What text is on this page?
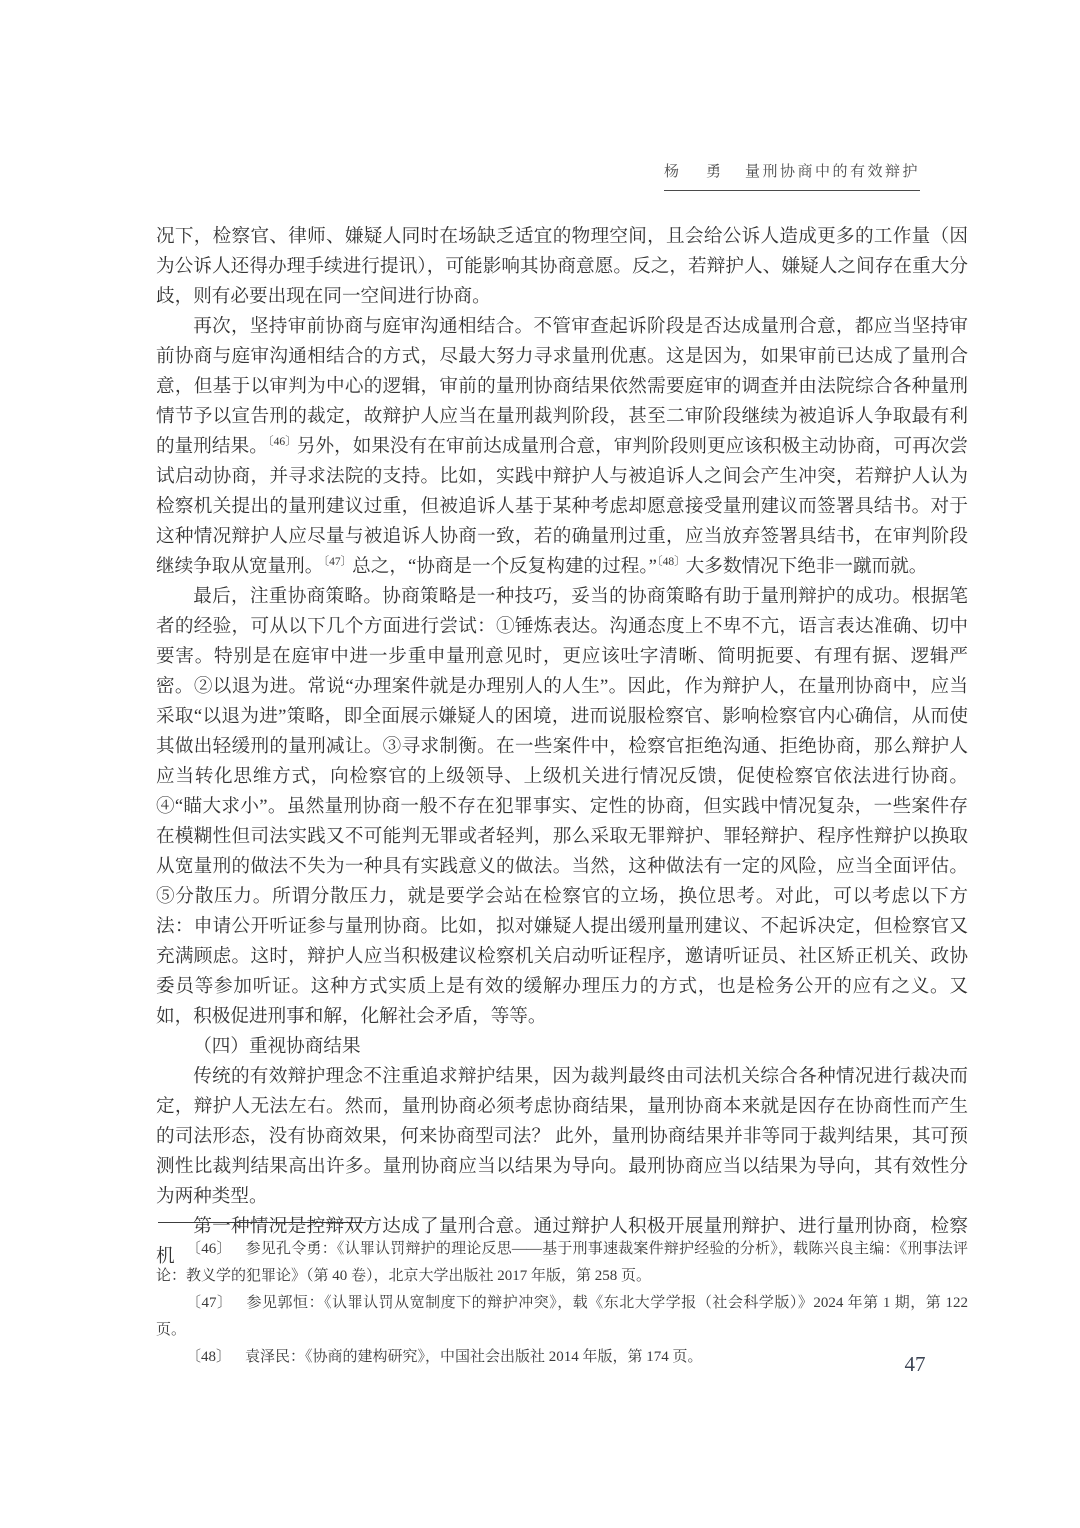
杨　勇 量刑协商中的有效辩护

况下，检察官、律师、嫌疑人同时在场缺乏适宜的物理空间，且会给公诉人造成更多的工作量（因为公诉人还得办理手续进行提讯），可能影响其协商意愿。反之，若辩护人、嫌疑人之间存在重大分歧，则有必要出现在同一空间进行协商。

再次，坚持审前协商与庭审沟通相结合。不管审查起诉阶段是否达成量刑合意，都应当坚持审前协商与庭审沟通相结合的方式，尽最大努力寻求量刑优惠。这是因为，如果审前已达成了量刑合意，但基于以审判为中心的逻辑，审前的量刑协商结果依然需要庭审的调查并由法院综合各种量刑情节予以宣告刑的裁定，故辩护人应当在量刑裁判阶段，甚至二审阶段继续为被追诉人争取最有利的量刑结果。$^{〔46〕}$另外，如果没有在审前达成量刑合意，审判阶段则更应该积极主动协商，可再次尝试启动协商，并寻求法院的支持。比如，实践中辩护人与被追诉人之间会产生冲突，若辩护人认为检察机关提出的量刑建议过重，但被追诉人基于某种考虑却愿意接受量刑建议而签署具结书。对于这种情况辩护人应尽量与被追诉人协商一致，若的确量刑过重，应当放弃签署具结书，在审判阶段继续争取从宽量刑。$^{〔47〕}$总之，“协商是一个反复构建的过程。”$^{〔48〕}$大多数情况下绝非一蹴而就。

最后，注重协商策略。协商策略是一种技巧，妥当的协商策略有助于量刑辩护的成功。根据笔者的经验，可从以下几个方面进行尝试：①锤炼表达。沟通态度上不卑不亢，语言表达准确、切中要害。特别是在庭审中进一步重申量刑意见时，更应该吐字清晰、简明扼要、有理有据、逻辑严密。②以退为进。常说“办理案件就是办理别人的人生”。因此，作为辩护人，在量刑协商中，应当采取“以退为进”策略，即全面展示嫌疑人的困境，进而说服检察官、影响检察官内心确信，从而使其做出轻缓刑的量刑减让。③寻求制衡。在一些案件中，检察官拒绝沟通、拒绝协商，那么辩护人应当转化思维方式，向检察官的上级领导、上级机关进行情况反馈，促使检察官依法进行协商。④“瞄大求小”。虽然量刑协商一般不存在犯罪事实、定性的协商，但实践中情况复杂，一些案件存在模糊性但司法实践又不可能判无罪或者轻判，那么采取无罪辩护、罪轻辩护、程序性辩护以换取从宽量刑的做法不失为一种具有实践意义的做法。当然，这种做法有一定的风险，应当全面评估。⑤分散压力。所谓分散压力，就是要学会站在检察官的立场，换位思考。对此，可以考虑以下方法：申请公开听证参与量刑协商。比如，拟对嫌疑人提出缓刑量刑建议、不起诉决定，但检察官又充满顾虑。这时，辩护人应当积极建议检察机关启动听证程序，邀请听证员、社区矫正机关、政协委员等参加听证。这种方式实质上是有效的缓解办理压力的方式，也是检务公开的应有之义。又如，积极促进刑事和解，化解社会矛盾，等等。

（四）重视协商结果

传统的有效辩护理念不注重追求辩护结果，因为裁判最终由司法机关综合各种情况进行裁决而定，辩护人无法左右。然而，量刑协商必须考虑协商结果，量刑协商本来就是因存在协商性而产生的司法形态，没有协商效果，何来协商型司法？ 此外，量刑协商结果并非等同于裁判结果，其可预测性比裁判结果高出许多。量刑协商应当以结果为导向。最刑协商应当以结果为导向，其有效性分为两种类型。

第一种情况是控辩双方达成了量刑合意。通过辩护人积极开展量刑辩护、进行量刑协商，检察机 〔46〕 参见孔令勇：《认罪认罚辩护的理论反思——基于刑事速裁案件辩护经验的分析》，载陈兴良主编：《刑事法评论：教义学的犯罪论》（第 40 卷），北京大学出版社 2017 年版，第 258 页。

〔47〕 参见郭恒：《认罪认罚从宽制度下的辩护冲突》，载《东北大学学报（社会科学版）》2024 年第 1 期，第 122 页。

〔48〕 袁泽民：《协商的建构研究》，中国社会出版社 2014 年版，第 174 页。	47
